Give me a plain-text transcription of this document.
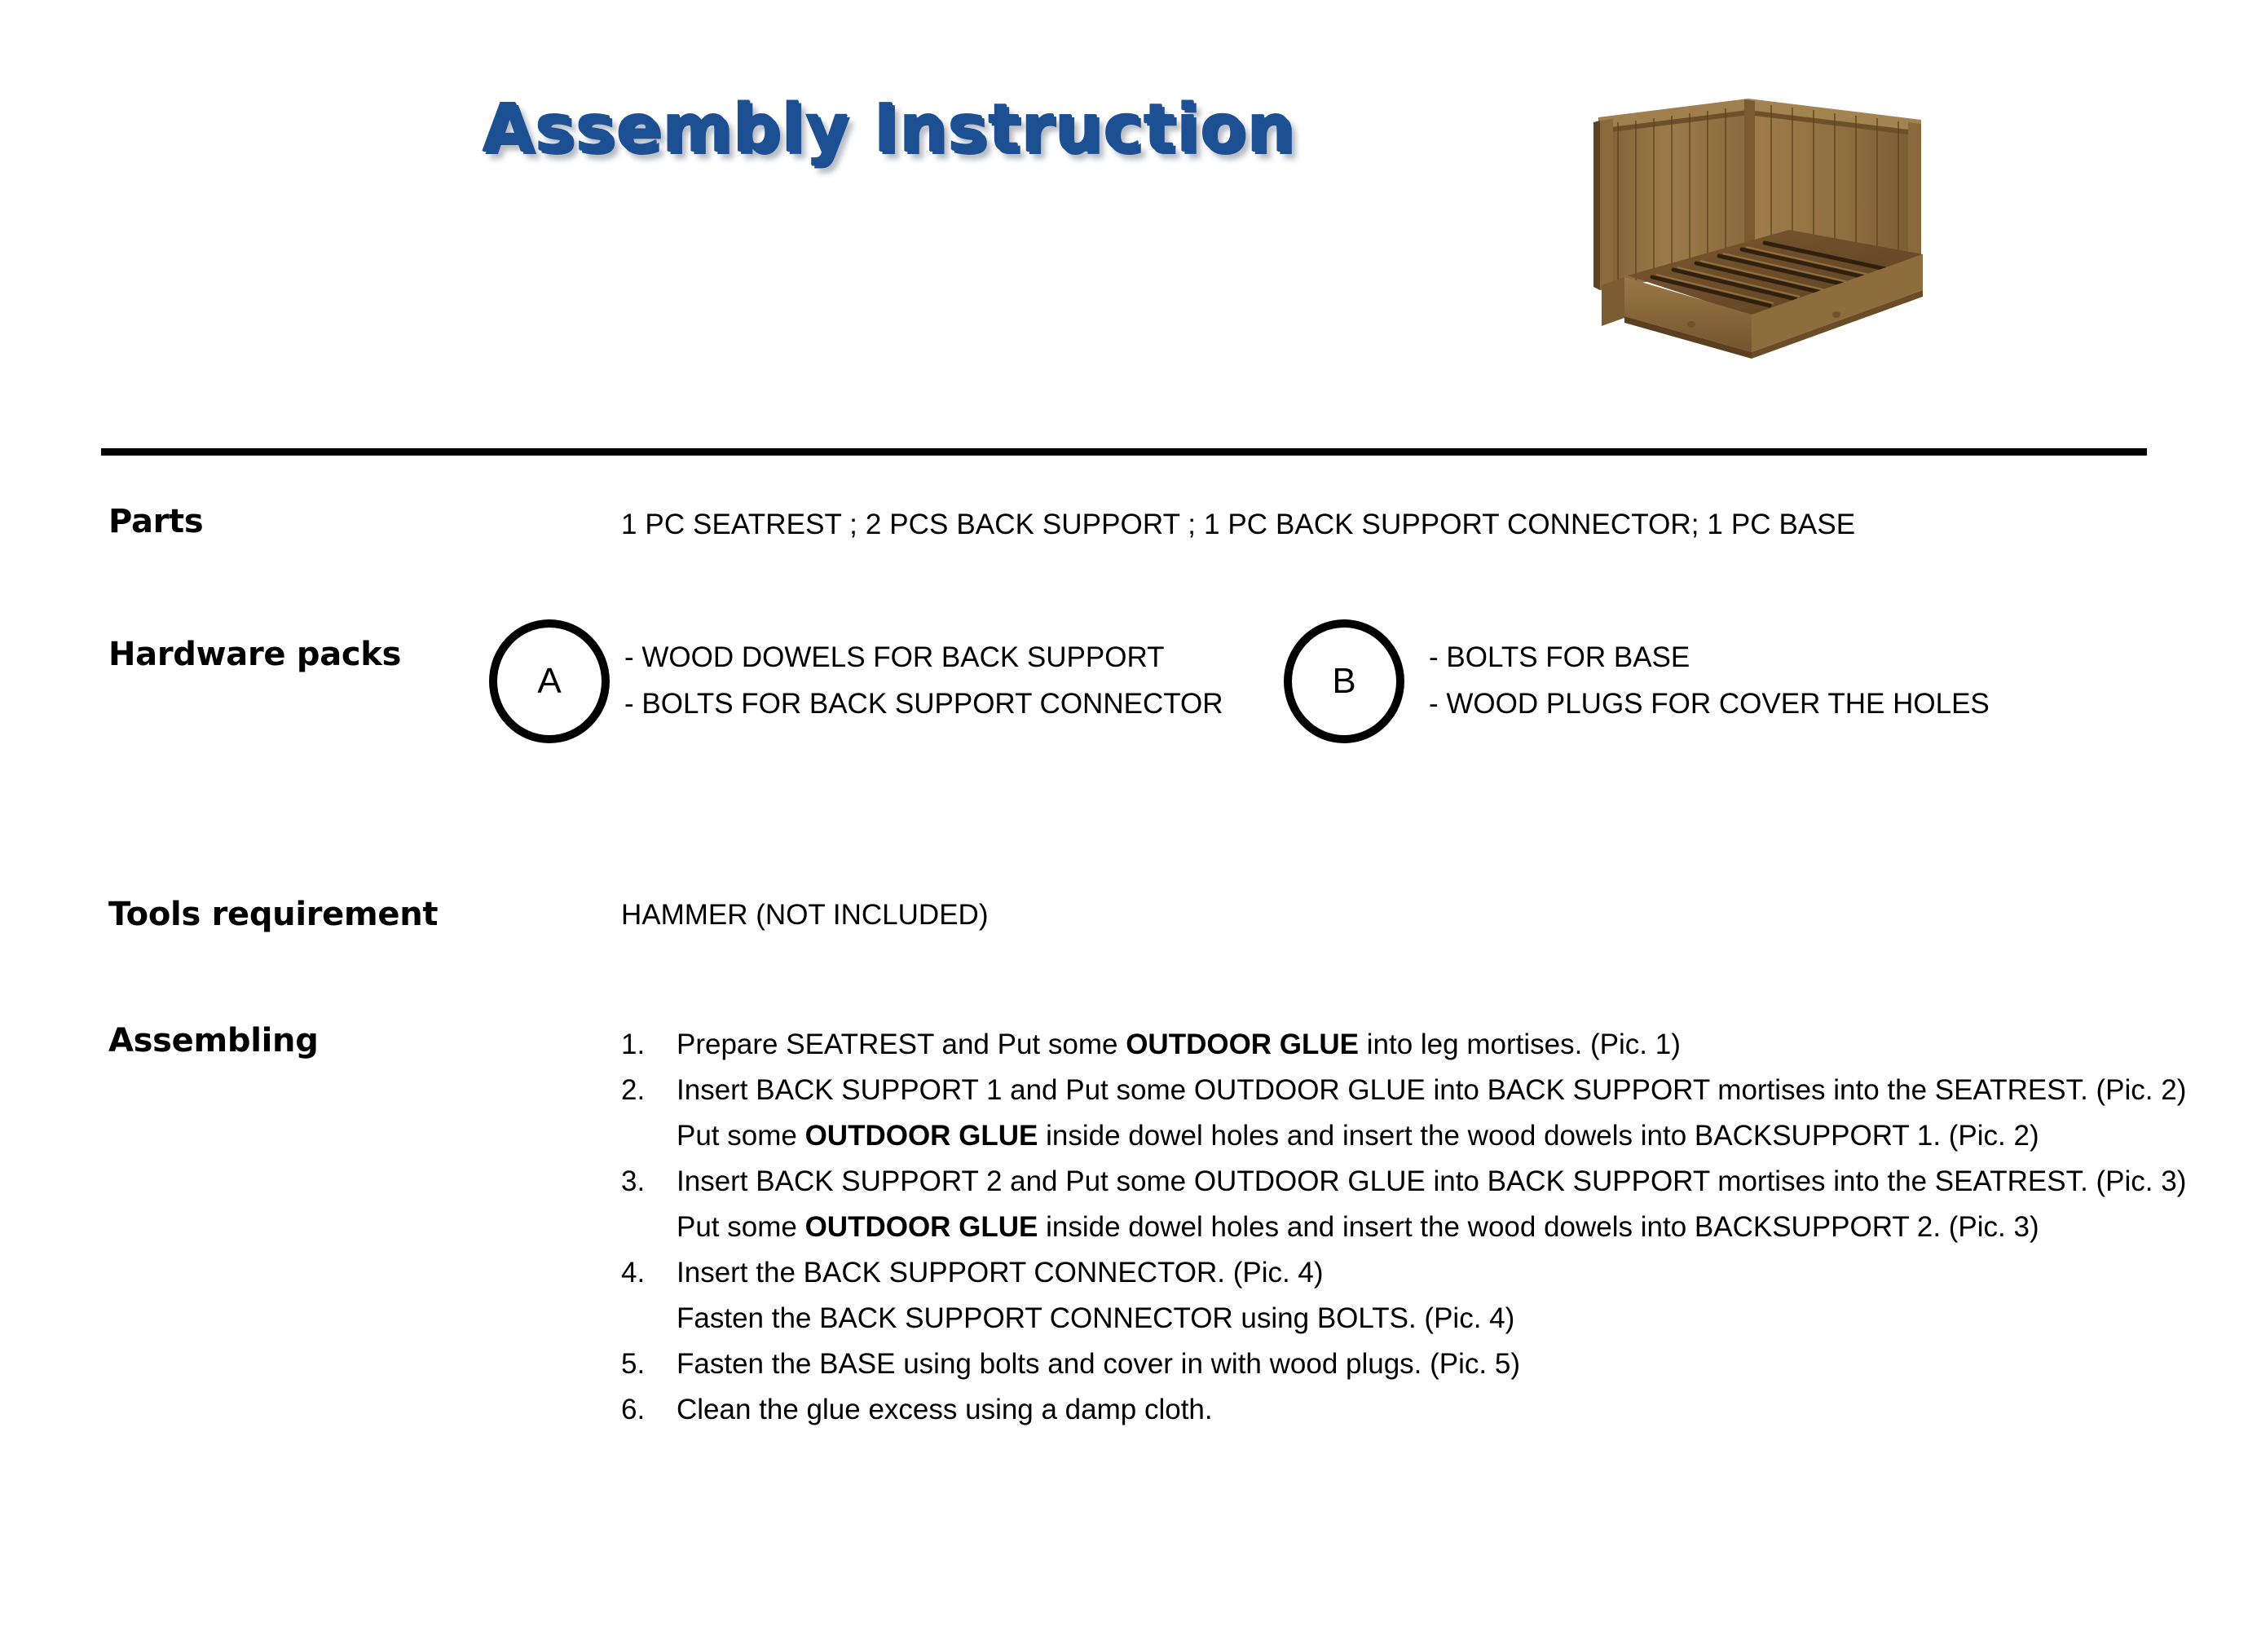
Assembly Instruction
Parts	1 PC SEATREST ; 2 PCS BACK SUPPORT ; 1 PC BACK SUPPORT CONNECTOR; 1 PC BASE
Hardware packs
A
- WOOD DOWELS FOR BACK SUPPORT
- BOLTS FOR BACK SUPPORT CONNECTOR
B
- BOLTS FOR BASE
- WOOD PLUGS FOR COVER THE HOLES
Tools requirement	HAMMER (NOT INCLUDED)
Assembling	1.	Prepare SEATREST and Put some OUTDOOR GLUE into leg mortises. (Pic. 1)
2.	Insert BACK SUPPORT 1 and Put some OUTDOOR GLUE into BACK SUPPORT mortises into the SEATREST. (Pic. 2)
Put some OUTDOOR GLUE inside dowel holes and insert the wood dowels into BACKSUPPORT 1. (Pic. 2)
3.	Insert BACK SUPPORT 2 and Put some OUTDOOR GLUE into BACK SUPPORT mortises into the SEATREST. (Pic. 3)
Put some OUTDOOR GLUE inside dowel holes and insert the wood dowels into BACKSUPPORT 2. (Pic. 3)
4.	Insert the BACK SUPPORT CONNECTOR. (Pic. 4)
Fasten the BACK SUPPORT CONNECTOR using BOLTS. (Pic. 4)
5.	Fasten the BASE using bolts and cover in with wood plugs. (Pic. 5)
6.	Clean the glue excess using a damp cloth.
